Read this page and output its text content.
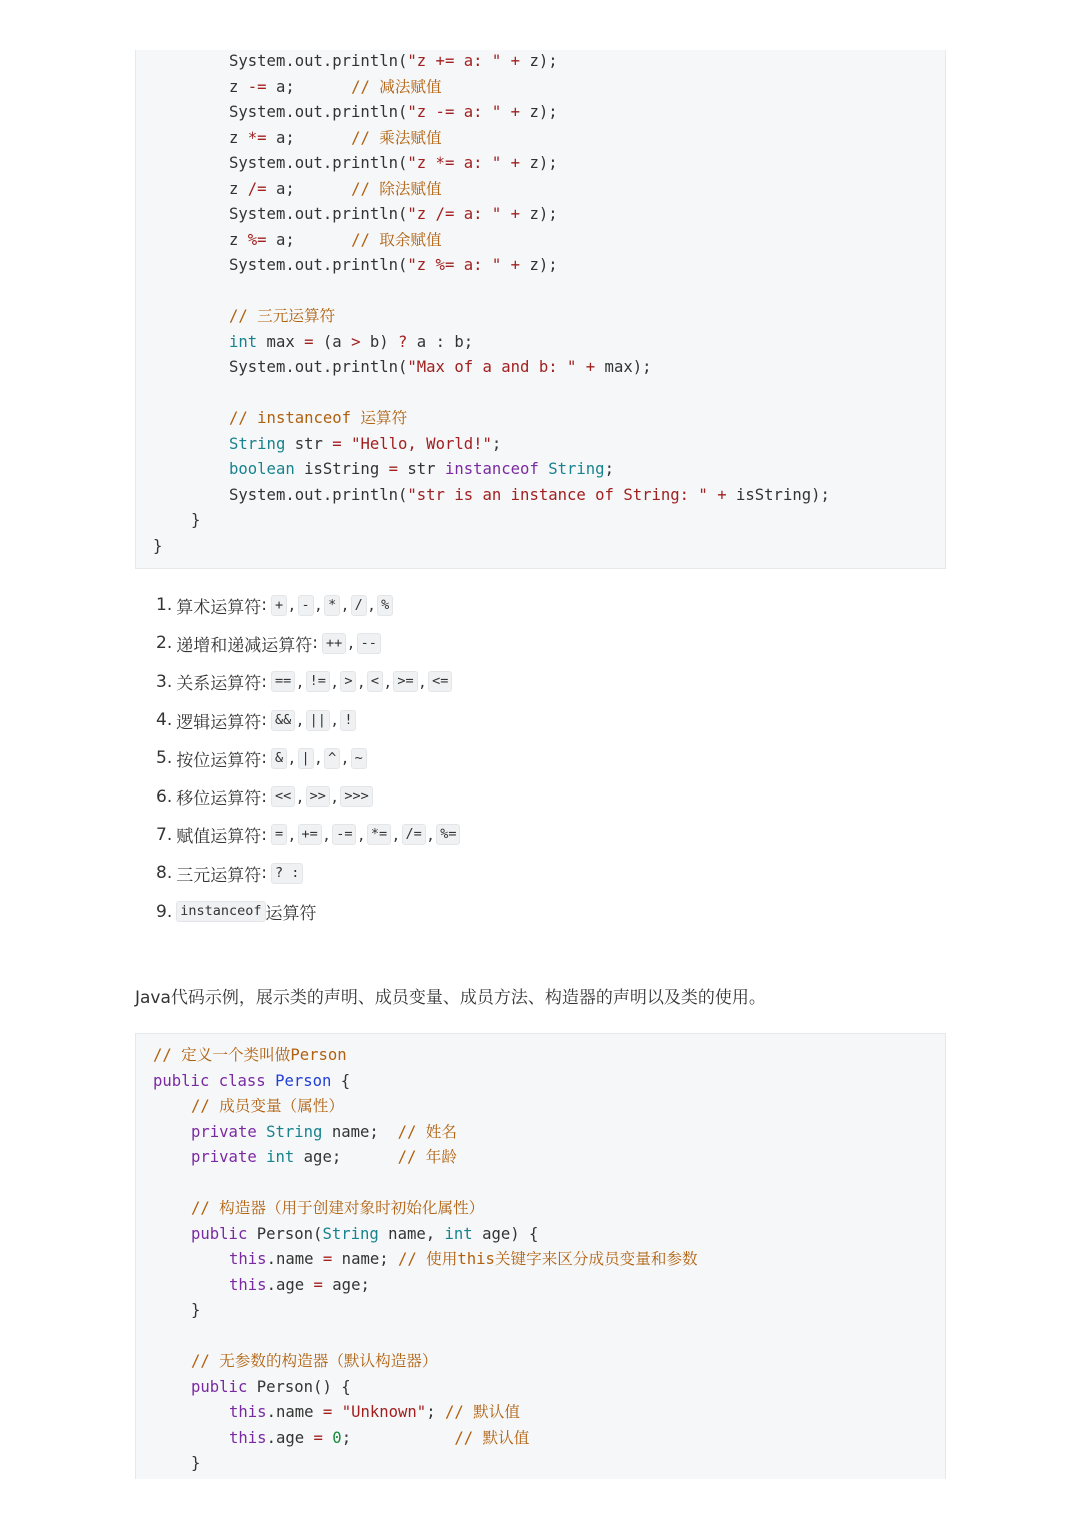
System.out.println("z += a: " + z);
z -= a;      // 减法赋值
System.out.println("z -= a: " + z);
z *= a;      // 乘法赋值
System.out.println("z *= a: " + z);
z /= a;      // 除法赋值
System.out.println("z /= a: " + z);
z %= a;      // 取余赋值
System.out.println("z %= a: " + z);
// 三元运算符
int max = (a > b) ? a : b;
System.out.println("Max of a and b: " + max);
// instanceof 运算符
String str = "Hello, World!";
boolean isString = str instanceof String;
System.out.println("str is an instance of String: " + isString);
}
}
1. 算术运算符 : + , - , * , / , %
2. 递增和递减运算符 : ++ , --
3. 关系运算符 : == , != , > , < , >= , <=
4. 逻辑运算符 : && , || , !
5. 按位运算符 : & , | , ^ , ~
6. 移位运算符 : << , >> , >>>
7. 赋值运算符 : = , += , -= , *= , /= , %=
8. 三元运算符 : ? :
9. instanceof 运算符
Java代码示例，展示类的声明、成员变量、成员方法、构造器的声明以及类的使用。
// 定义一个类叫做Person
public class Person {
// 成员变量（属性）
private String name;  // 姓名
private int age;      // 年龄
// 构造器（用于创建对象时初始化属性）
public Person(String name, int age) {
this.name = name; // 使用this关键字来区分成员变量和参数
this.age = age;
}
// 无参数的构造器（默认构造器）
public Person() {
this.name = "Unknown"; // 默认值
this.age = 0;           // 默认值
}
